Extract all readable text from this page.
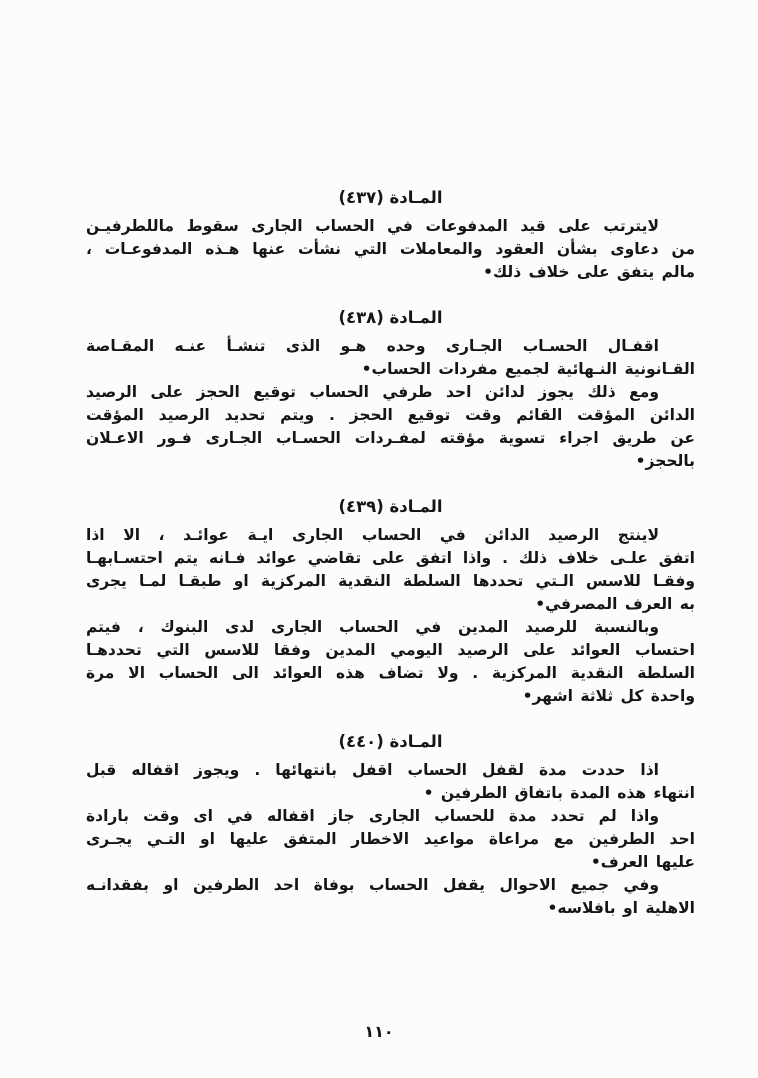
المـادة (٤٣٧)
لايترتب على قيد المدفوعات في الحساب الجارى سقوط ماللطرفيـن
من دعاوى بشأن العقود والمعاملات التي نشأت عنها هـذه المدفوعـات ،
مالم يتفق على خلاف ذلك•
المـادة (٤٣٨)
اقفـال الحسـاب الجـارى وحده هـو الذى تنشـأ عنـه المقـاصة
القـانونية النـهائية لجميع مفردات الحساب•
ومع ذلك يجوز لدائن احد طرفي الحساب توقيع الحجز على الرصيد
الدائن المؤقت القائم وقت توقيع الحجز . ويتم تحديد الرصيد المؤقت
عن طريق اجراء تسوية مؤقته لمفـردات الحسـاب الجـارى فـور الاعـلان
بالحجز•
المـادة (٤٣٩)
لاينتج الرصيد الدائن في الحساب الجارى ايـة عوائـد ، الا اذا
اتفق علـى خلاف ذلك . واذا اتفق على تقاضي عوائد فـانه يتم احتسـابهـا
وفقـا للاسس الـتي تحددها السلطة النقدية المركزية او طبقـا لمـا يجرى
به العرف المصرفي•
وبالنسبة للرصيد المدين في الحساب الجارى لدى البنوك ، فيتم
احتساب العوائد على الرصيد اليومي المدين وفقا للاسس التي تحددهـا
السلطة النقدية المركزية . ولا تضاف هذه العوائد الى الحساب الا مرة
واحدة كل ثلاثة اشهر•
المـادة (٤٤٠)
اذا حددت مدة لقفل الحساب اقفل بانتهائها . ويجوز اقفاله قبل
انتهاء هذه المدة باتفاق الطرفين •
واذا لم تحدد مدة للحساب الجارى جاز اقفاله في اى وقت بارادة
احد الطرفين مع مراعاة مواعيد الاخطار المتفق عليها او التـي يجـرى
عليها العرف•
وفي جميع الاحوال يقفل الحساب بوفاة احد الطرفين او بفقدانـه
الاهلية او بافلاسه•
١١٠
